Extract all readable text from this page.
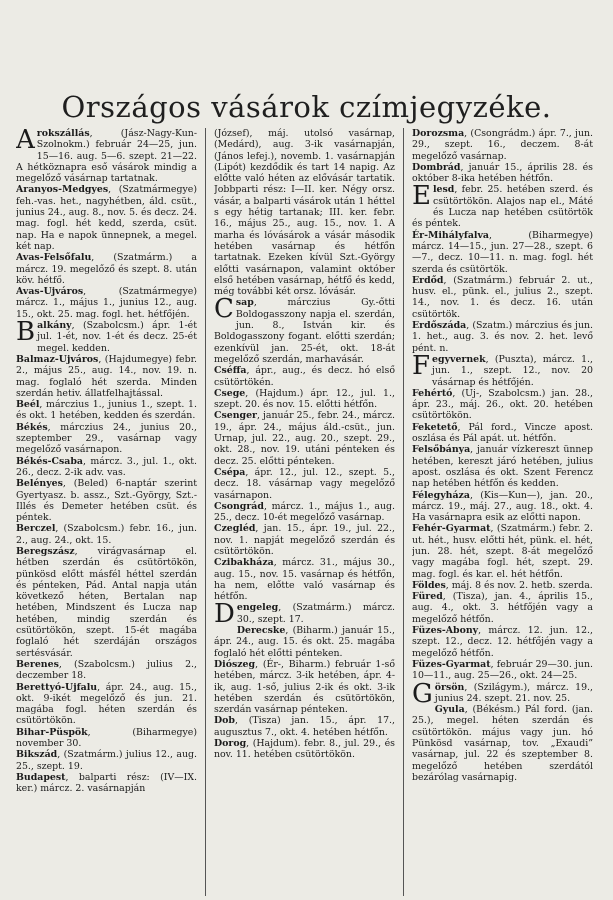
Országos vásárok czímjegyzéke.
Arokszállás, (Jász-Nagy-Kun-Szolnokm.) február 24—25, jun. 15—16. aug. 5—6. szept. 21—22. A hétköznapra eső vásárok mindig a megelőző vásárnap tartatnak.
Aranyos-Medgyes, (Szatmármegye) feh.-vas. het., nagyhétben, áld. csüt., junius 24., aug. 8., nov. 5. és decz. 24. mag. fogl. hét kedd, szerda, csüt. nap. Ha e napok ünnepnek, a megel. két nap.
Avas-Felsőfalu, (Szatmárm.) a márcz. 19. megelőző és szept. 8. után köv. hétfő.
Avas-Ujváros, (Szatmármegye) márcz. 1., május 1., junius 12., aug. 15., okt. 25. mag. fogl. het. hétfőjén.
Balkány, (Szabolcsm.) ápr. 1-ét jul. 1-ét, nov. 1-ét és decz. 25-ét megel. kedden.
Balmaz-Ujváros, (Hajdumegye) febr. 2., május 25., aug. 14., nov. 19. n. mag. foglaló hét szerda. Minden szerdán hetiv. állatfelhajtással.
Beél, márczius 1., junius 1., szept. 1. és okt. 1 hetében, kedden és szerdán.
Békés, márczius 24., junius 20., szeptember 29., vasárnap vagy megelőző vasárnapon.
Békés-Csaba, márcz. 3., jul. 1., okt. 26., decz. 2-ik adv. vas.
Belényes, (Beled) 6-naptár szerint Gyertyasz. b. assz., Szt.-György, Szt.-Illés és Demeter hetében csüt. és péntek.
Berczel, (Szabolcsm.) febr. 16., jun. 2., aug. 24., okt. 15.
Beregszász, virágvasárnap el. hétben szerdán és csütörtökön, pünkösd előtt másfél héttel szerdán és pénteken, Pád. Antal napja után következő héten, Bertalan nap hetében, Mindszent és Lucza nap hetében, mindig szerdán és csütörtökön, szept. 15-ét magába foglaló hét szerdáján országos sertésvásár.
Berenes, (Szabolcsm.) julius 2., deczember 18.
Berettyó-Ujfalu, ápr. 24., aug. 15., okt. 9-ikét megelőző és jun. 21. magába fogl. héten szerdán és csütörtökön.
Bihar-Püspök, (Biharmegye) november 30.
Bikszád, (Szatmárm.) julius 12., aug. 25., szept. 19.
Budapest, balparti rész: (IV—IX. ker.) márcz. 2. vasárnapján
(József), máj. utolsó vasárnap, (Medárd), aug. 3-ik vasárnapján, (János lefej.), novemb. 1. vasárnapján (Lipót) kezdődik és tart 14 napig. Az előtte való héten az elővásár tartatik. Jobbparti rész: I—II. ker. Négy orsz. vásár, a balparti vásárok után 1 héttel s egy hétig tartanak; III. ker. febr. 16., május 25., aug. 15., nov. 1. A marha és lóvásárok a vásár második hetében vasárnap és hétfőn tartatnak. Ezeken kívül Szt.-György előtti vasárnapon, valamint október első hetében vasárnap, hétfő és kedd, még további két orsz. lóvásár.
Csap, márczius Gy.-őtti Boldogasszony napja el. szerdán, jun. 8., István kir. és Boldogasszony fogant. előtti szerdán; ezenkívül jan. 25-ét, okt. 18-át megelőző szerdán, marhavásár.
Cséffa, ápr., aug., és decz. hó első csütörtökén.
Csege, (Hajdum.) ápr. 12., jul. 1., szept. 20. és nov. 15. előtti hétfőn.
Csenger, január 25., febr. 24., márcz. 19., ápr. 24., május áld.-csüt., jun. Urnap, jul. 22., aug. 20., szept. 29., okt. 28., nov. 19. utáni pénteken és decz. 25. előtti pénteken.
Csépa, ápr. 12., jul. 12., szept. 5., decz. 18. vásárnap vagy megelőző vasárnapon.
Csongrád, márcz. 1., május 1., aug. 25., decz. 10-ét megelőző vasárnap.
Czegléd, jan. 15., ápr. 19., jul. 22., nov. 1. napját megelőző szerdán és csütörtökön.
Czibakháza, márcz. 31., május 30., aug. 15., nov. 15. vasárnap és hétfőn, ha nem, előtte való vasárnap és hétfőn.
Dengeleg, (Szatmárm.) márcz. 30., szept. 17.
Derecske, (Biharm.) január 15., ápr. 24., aug. 15. és okt. 25. magába foglaló hét előtti pénteken.
Diószeg, (Ér-, Biharm.) február 1-ső hetében, márcz. 3-ik hetében, ápr. 4-ik, aug. 1-ső, julius 2-ik és okt. 3-ik hetében szerdán és csütörtökön, szerdán vasárnap pénteken.
Dob, (Tisza) jan. 15., ápr. 17., augusztus 7., okt. 4. hetében hétfőn.
Dorog, (Hajdum). febr. 8., jul. 29., és nov. 11. hetében csütörtökön.
Dorozsma, (Csongrádm.) ápr. 7., jun. 29., szept. 16., deczem. 8-át megelőző vasárnap.
Dombrád, január 15., április 28. és október 8-ika hetében hétfőn.
Elesd, febr. 25. hetében szerd. és csütörtökön. Alajos nap el., Máté és Lucza nap hetében csütörtök és péntek.
Ér-Mihályfalva, (Biharmegye) márcz. 14—15., jun. 27—28., szept. 6—7., decz. 10—11. n. mag. fogl. hét szerda és csütörtök.
Erdőd, (Szatmárm.) február 2. ut., husv. el., pünk. el., julius 2., szept. 14., nov. 1. és decz. 16. után csütörtök.
Erdőszáda, (Szatm.) márczius és jun. 1. het., aug. 3. és nov. 2. het. levő pént. n.
Fegyvernek, (Puszta), márcz. 1., jun. 1., szept. 12., nov. 20 vásárnap és hétfőjén.
Fehértó, (Uj-, Szabolcsm.) jan. 28., ápr. 23., máj. 26., okt. 20. hetében csütörtökön.
Feketető, Pál ford., Vincze apost. oszlása és Pál apát. ut. hétfőn.
Felsőbánya, január vízkereszt ünnep hetében, kereszt járó hetében, julius apost. oszlása és okt. Szent Ferencz nap hetében hétfőn és kedden.
Félegyháza, (Kis—Kun—), jan. 20., márcz. 19., máj. 27., aug. 18., okt. 4. Ha vasárnapra esik az előtti napon.
Fehér-Gyarmat, (Szatmárm.) febr. 2. ut. hét., husv. előtti hét, pünk. el. hét, jun. 28. hét, szept. 8-át megelőző vagy magába fogl. hét, szept. 29. mag. fogl. és kar. el. hét hétfőn.
Földes, máj. 8 és nov. 2. hetb. szerda.
Füred, (Tisza), jan. 4., április 15., aug. 4., okt. 3. hétfőjén vagy a megelőző hétfőn.
Füzes-Abony, márcz. 12. jun. 12., szept. 12., decz. 12. hétfőjén vagy a megelőző hétfőn.
Füzes-Gyarmat, február 29—30. jun. 10—11., aug. 25—26., okt. 24—25.
Görsön, (Szilágym.), márcz. 19., junius 24. szept. 21. nov. 25.
Gyula, (Békésm.) Pál ford. (jan. 25.), megel. héten szerdán és csütörtökön. május vagy jun. hó Pünkösd vasárnap, tov. „Exaudi” vasárnap, jul. 22 és szeptember 8. megelőző hetében szerdától bezárólag vasárnapig.
